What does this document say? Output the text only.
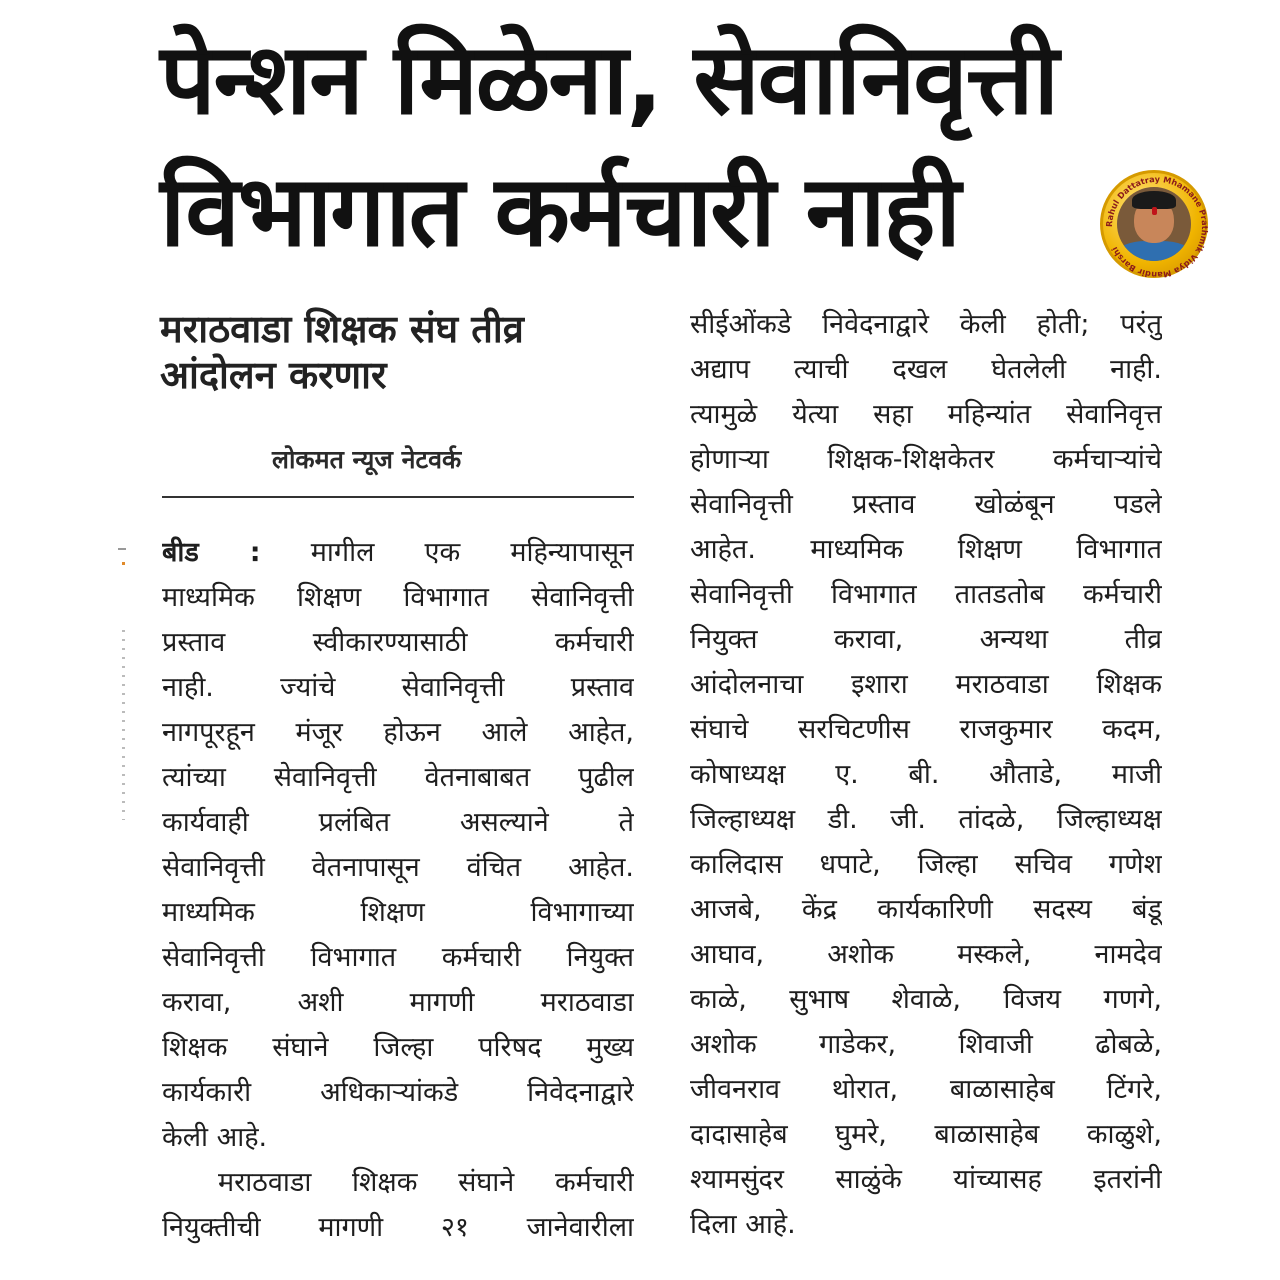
पेन्शन मिळेना, सेवानिवृत्ती
विभागात कर्मचारी नाही	Rahul Dattatray Mhamane Prathmik Vidya Mandir Barshi
मराठवाडा शिक्षक संघ तीव्र
आंदोलन करणार
लोकमत न्यूज नेटवर्क
बीड : मागील एक महिन्यापासून
माध्यमिक शिक्षण विभागात सेवानिवृत्ती
प्रस्ताव स्वीकारण्यासाठी कर्मचारी
नाही. ज्यांचे सेवानिवृत्ती प्रस्ताव
नागपूरहून मंजूर होऊन आले आहेत,
त्यांच्या सेवानिवृत्ती वेतनाबाबत पुढील
कार्यवाही प्रलंबित असल्याने ते
सेवानिवृत्ती वेतनापासून वंचित आहेत.
माध्यमिक शिक्षण विभागाच्या
सेवानिवृत्ती विभागात कर्मचारी नियुक्त
करावा, अशी मागणी मराठवाडा
शिक्षक संघाने जिल्हा परिषद मुख्य
कार्यकारी अधिकाऱ्यांकडे निवेदनाद्वारे
केली आहे.
मराठवाडा शिक्षक संघाने कर्मचारी
नियुक्तीची मागणी २१ जानेवारीला
सीईओंकडे निवेदनाद्वारे केली होती; परंतु
अद्याप त्याची दखल घेतलेली नाही.
त्यामुळे येत्या सहा महिन्यांत सेवानिवृत्त
होणाऱ्या शिक्षक-शिक्षकेतर कर्मचाऱ्यांचे
सेवानिवृत्ती प्रस्ताव खोळंबून पडले
आहेत. माध्यमिक शिक्षण विभागात
सेवानिवृत्ती विभागात तातडतोब कर्मचारी
नियुक्त करावा, अन्यथा तीव्र
आंदोलनाचा इशारा मराठवाडा शिक्षक
संघाचे सरचिटणीस राजकुमार कदम,
कोषाध्यक्ष ए. बी. औताडे, माजी
जिल्हाध्यक्ष डी. जी. तांदळे, जिल्हाध्यक्ष
कालिदास धपाटे, जिल्हा सचिव गणेश
आजबे, केंद्र कार्यकारिणी सदस्य बंडू
आघाव, अशोक मस्कले, नामदेव
काळे, सुभाष शेवाळे, विजय गणगे,
अशोक गाडेकर, शिवाजी ढोबळे,
जीवनराव थोरात, बाळासाहेब टिंगरे,
दादासाहेब घुमरे, बाळासाहेब काळुशे,
श्यामसुंदर साळुंके यांच्यासह इतरांनी
दिला आहे.
